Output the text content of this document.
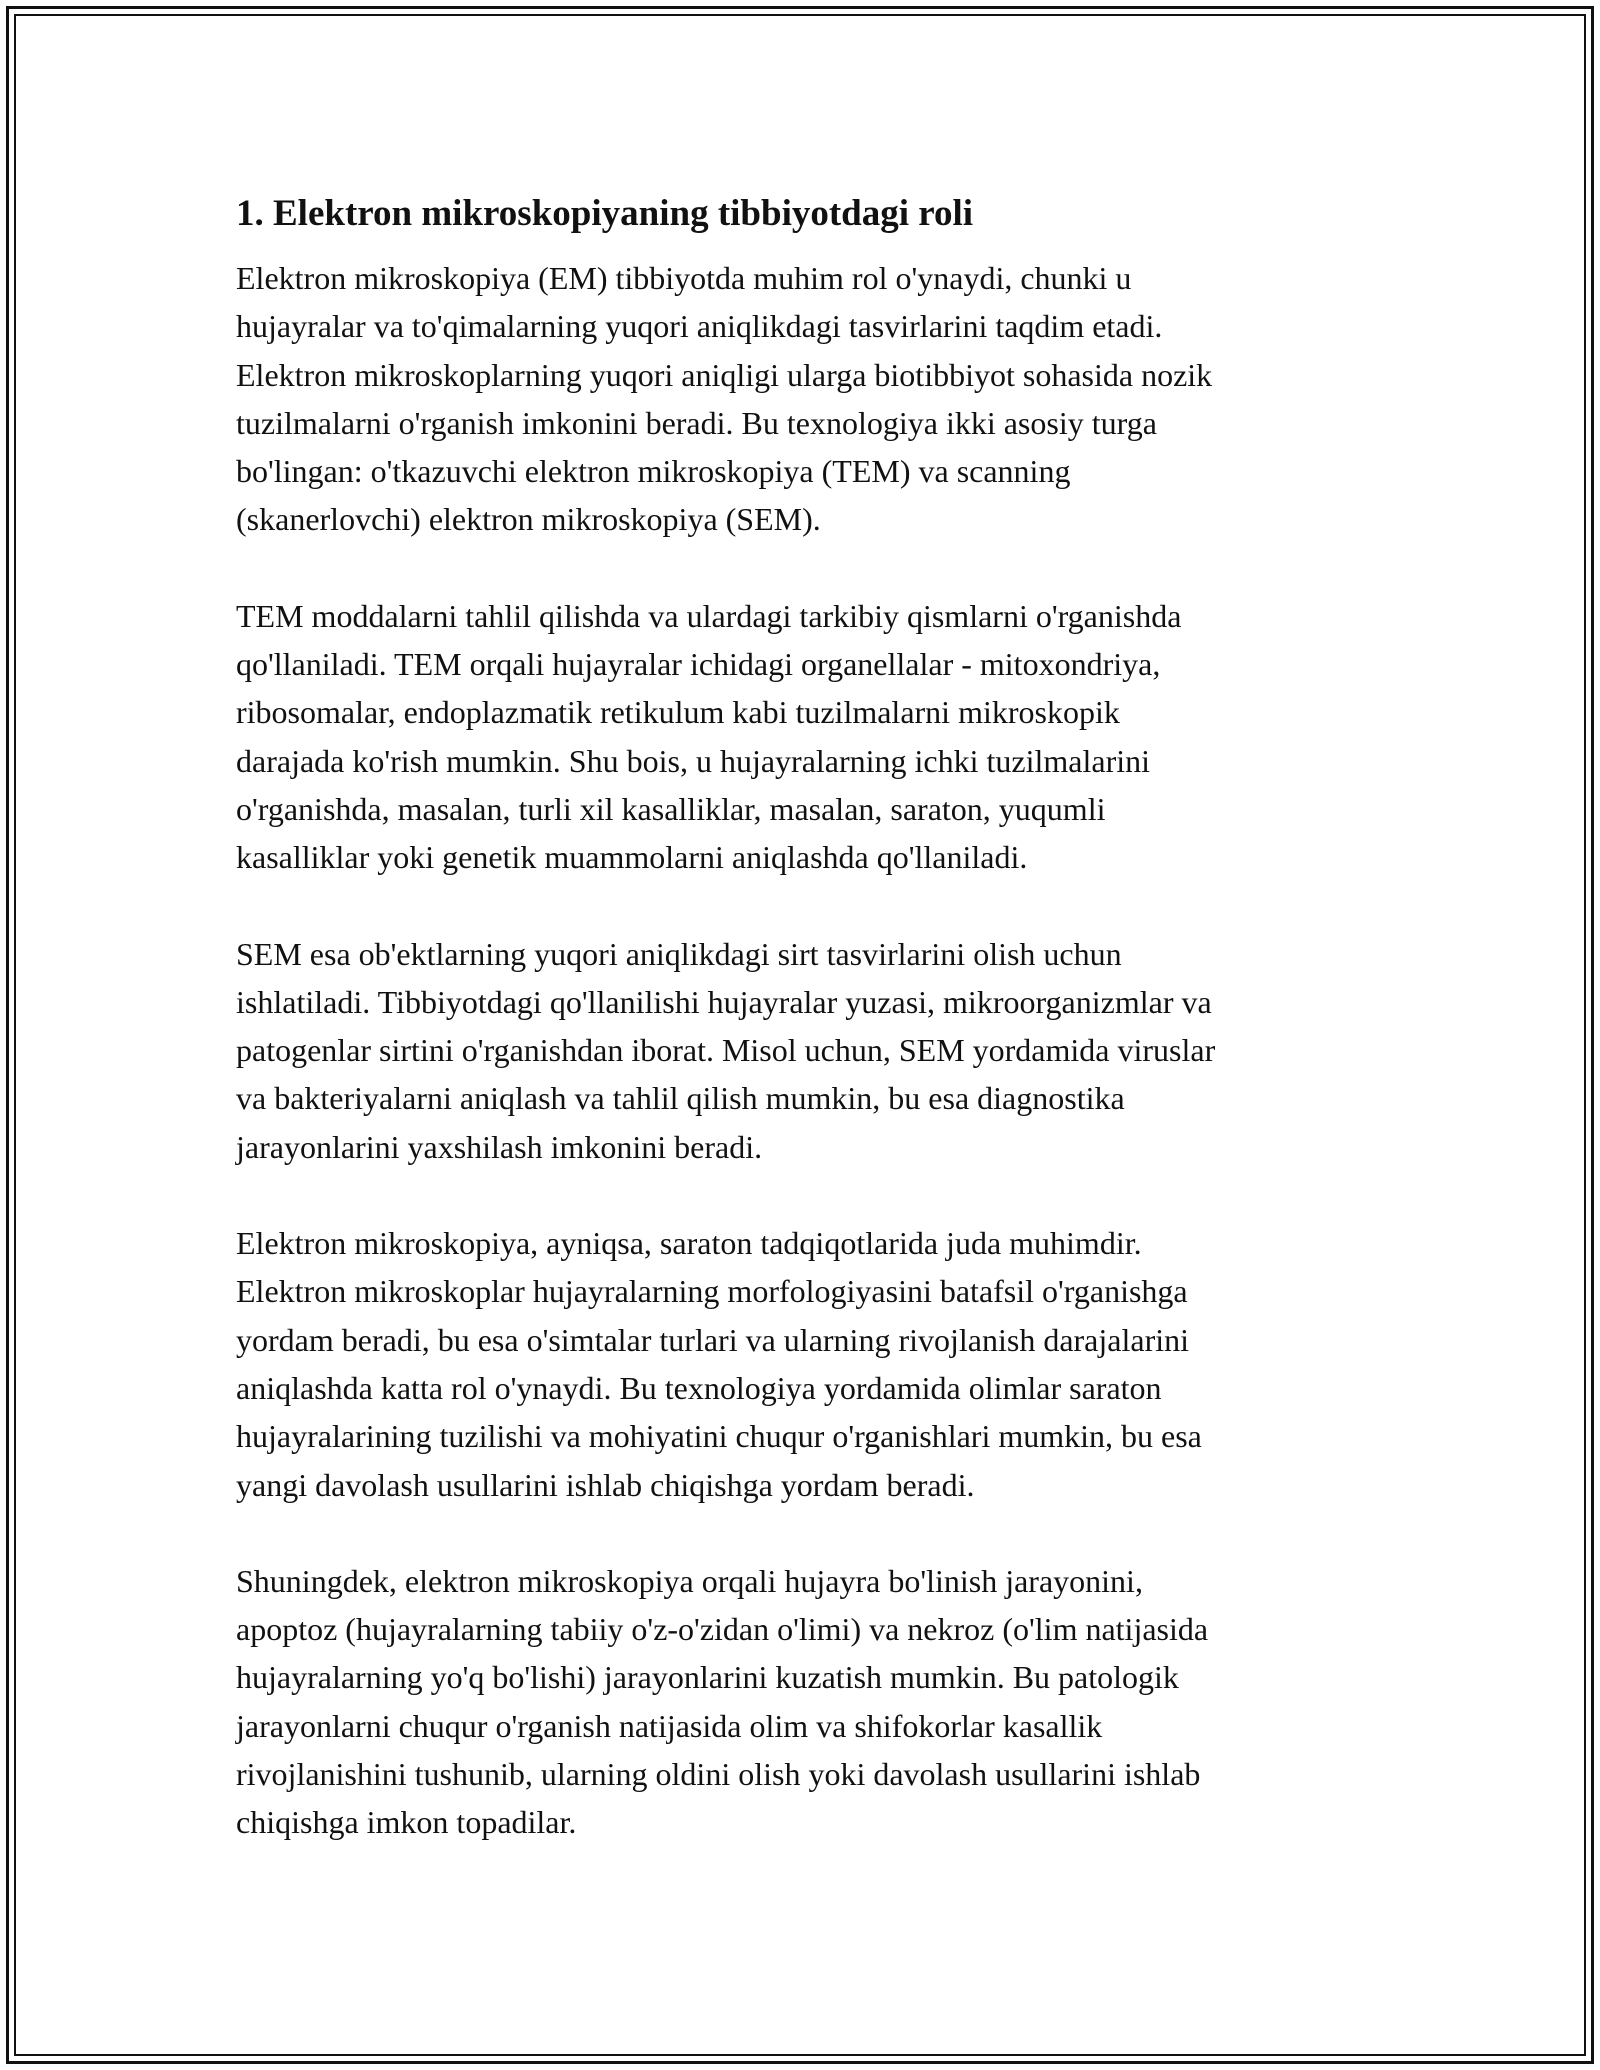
1. Elektron mikroskopiyaning tibbiyotdagi roli

Elektron mikroskopiya (EM) tibbiyotda muhim rol o'ynaydi, chunki u
hujayralar va to'qimalarning yuqori aniqlikdagi tasvirlarini taqdim etadi.
Elektron mikroskoplarning yuqori aniqligi ularga biotibbiyot sohasida nozik
tuzilmalarni o'rganish imkonini beradi. Bu texnologiya ikki asosiy turga
bo'lingan: o'tkazuvchi elektron mikroskopiya (TEM) va scanning
(skanerlovchi) elektron mikroskopiya (SEM).

TEM moddalarni tahlil qilishda va ulardagi tarkibiy qismlarni o'rganishda
qo'llaniladi. TEM orqali hujayralar ichidagi organellalar - mitoxondriya,
ribosomalar, endoplazmatik retikulum kabi tuzilmalarni mikroskopik
darajada ko'rish mumkin. Shu bois, u hujayralarning ichki tuzilmalarini
o'rganishda, masalan, turli xil kasalliklar, masalan, saraton, yuqumli
kasalliklar yoki genetik muammolarni aniqlashda qo'llaniladi.

SEM esa ob'ektlarning yuqori aniqlikdagi sirt tasvirlarini olish uchun
ishlatiladi. Tibbiyotdagi qo'llanilishi hujayralar yuzasi, mikroorganizmlar va
patogenlar sirtini o'rganishdan iborat. Misol uchun, SEM yordamida viruslar
va bakteriyalarni aniqlash va tahlil qilish mumkin, bu esa diagnostika
jarayonlarini yaxshilash imkonini beradi.

Elektron mikroskopiya, ayniqsa, saraton tadqiqotlarida juda muhimdir.
Elektron mikroskoplar hujayralarning morfologiyasini batafsil o'rganishga
yordam beradi, bu esa o'simtalar turlari va ularning rivojlanish darajalarini
aniqlashda katta rol o'ynaydi. Bu texnologiya yordamida olimlar saraton
hujayralarining tuzilishi va mohiyatini chuqur o'rganishlari mumkin, bu esa
yangi davolash usullarini ishlab chiqishga yordam beradi.

Shuningdek, elektron mikroskopiya orqali hujayra bo'linish jarayonini,
apoptoz (hujayralarning tabiiy o'z-o'zidan o'limi) va nekroz (o'lim natijasida
hujayralarning yo'q bo'lishi) jarayonlarini kuzatish mumkin. Bu patologik
jarayonlarni chuqur o'rganish natijasida olim va shifokorlar kasallik
rivojlanishini tushunib, ularning oldini olish yoki davolash usullarini ishlab
chiqishga imkon topadilar.
